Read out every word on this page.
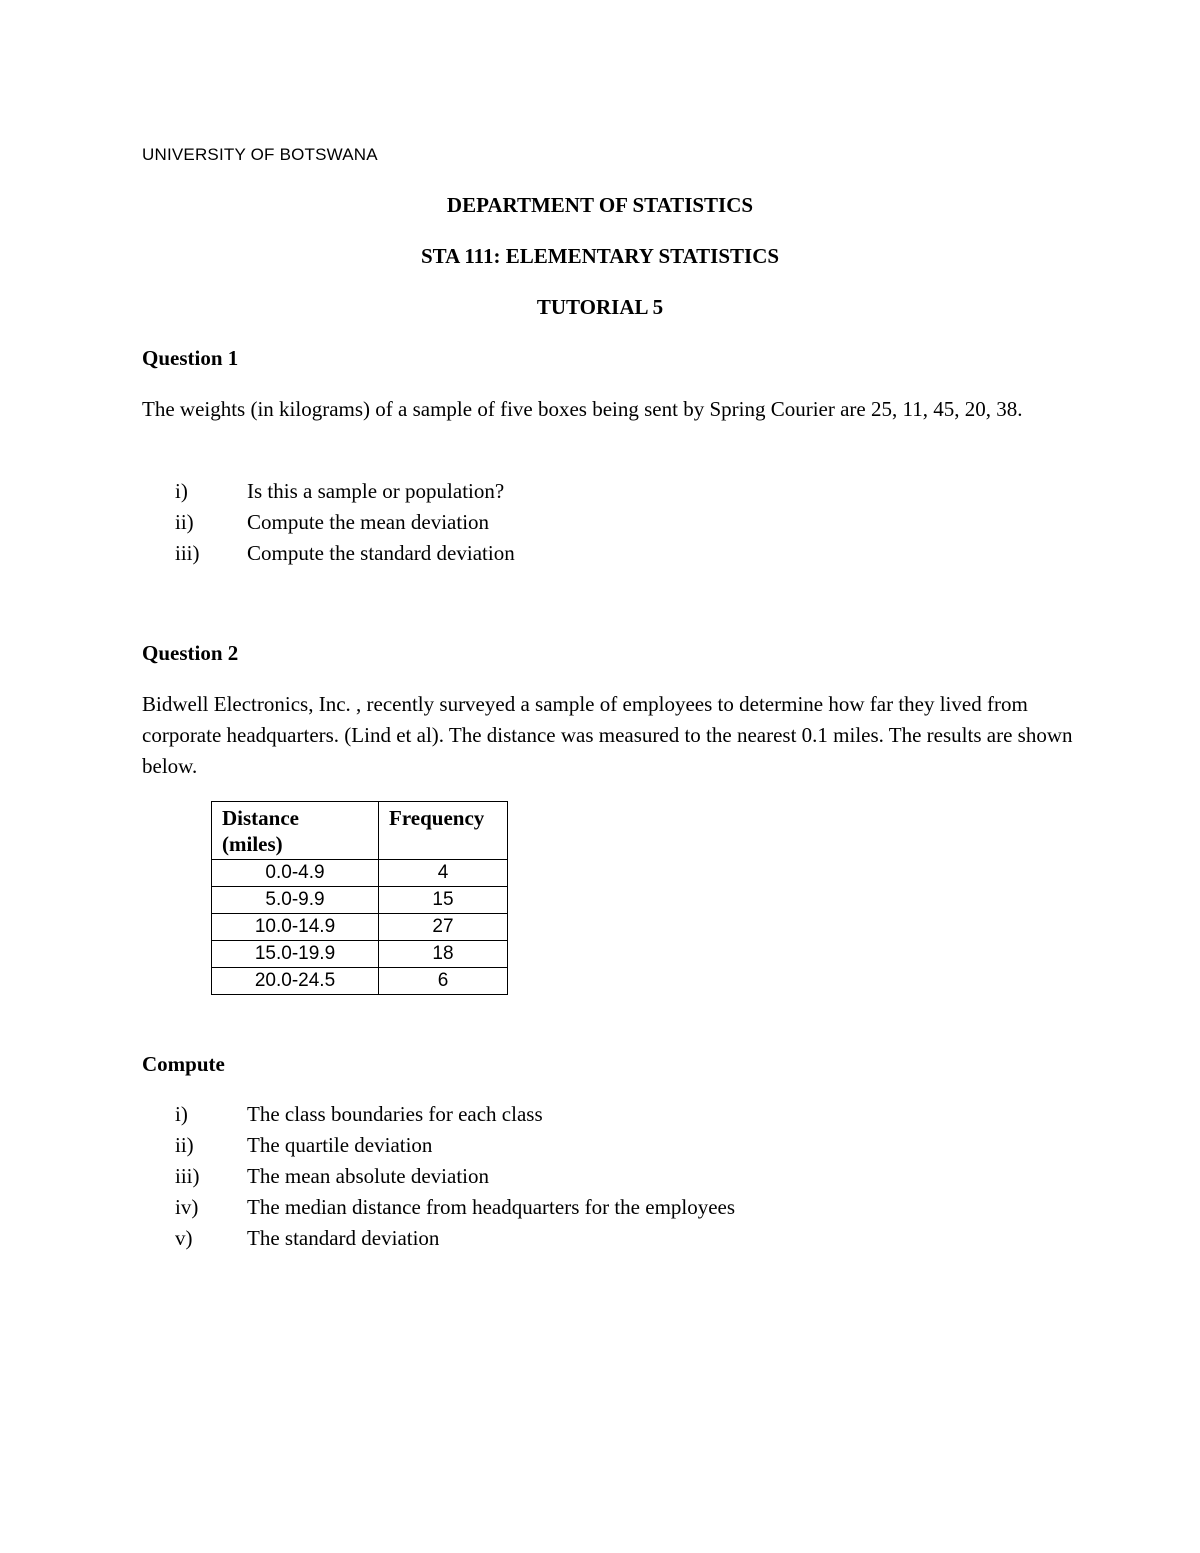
UNIVERSITY OF BOTSWANA
DEPARTMENT OF STATISTICS
STA 111: ELEMENTARY STATISTICS
TUTORIAL 5
Question 1
The weights (in kilograms) of a sample of five boxes being sent by Spring Courier are 25, 11, 45, 20, 38.
i)	Is this a sample or population?
ii)	Compute the mean deviation
iii)	Compute the standard deviation
Question 2
Bidwell Electronics, Inc. , recently surveyed a sample of employees to determine how far they lived from corporate headquarters. (Lind et al). The distance was measured to the nearest 0.1 miles. The results are shown below.
Distance (miles)	Frequency
0.0-4.9	4
5.0-9.9	15
10.0-14.9	27
15.0-19.9	18
20.0-24.5	6
Compute
i)	The class boundaries for each class
ii)	The quartile deviation
iii)	The mean absolute deviation
iv)	The median distance from headquarters for the employees
v)	The standard deviation
